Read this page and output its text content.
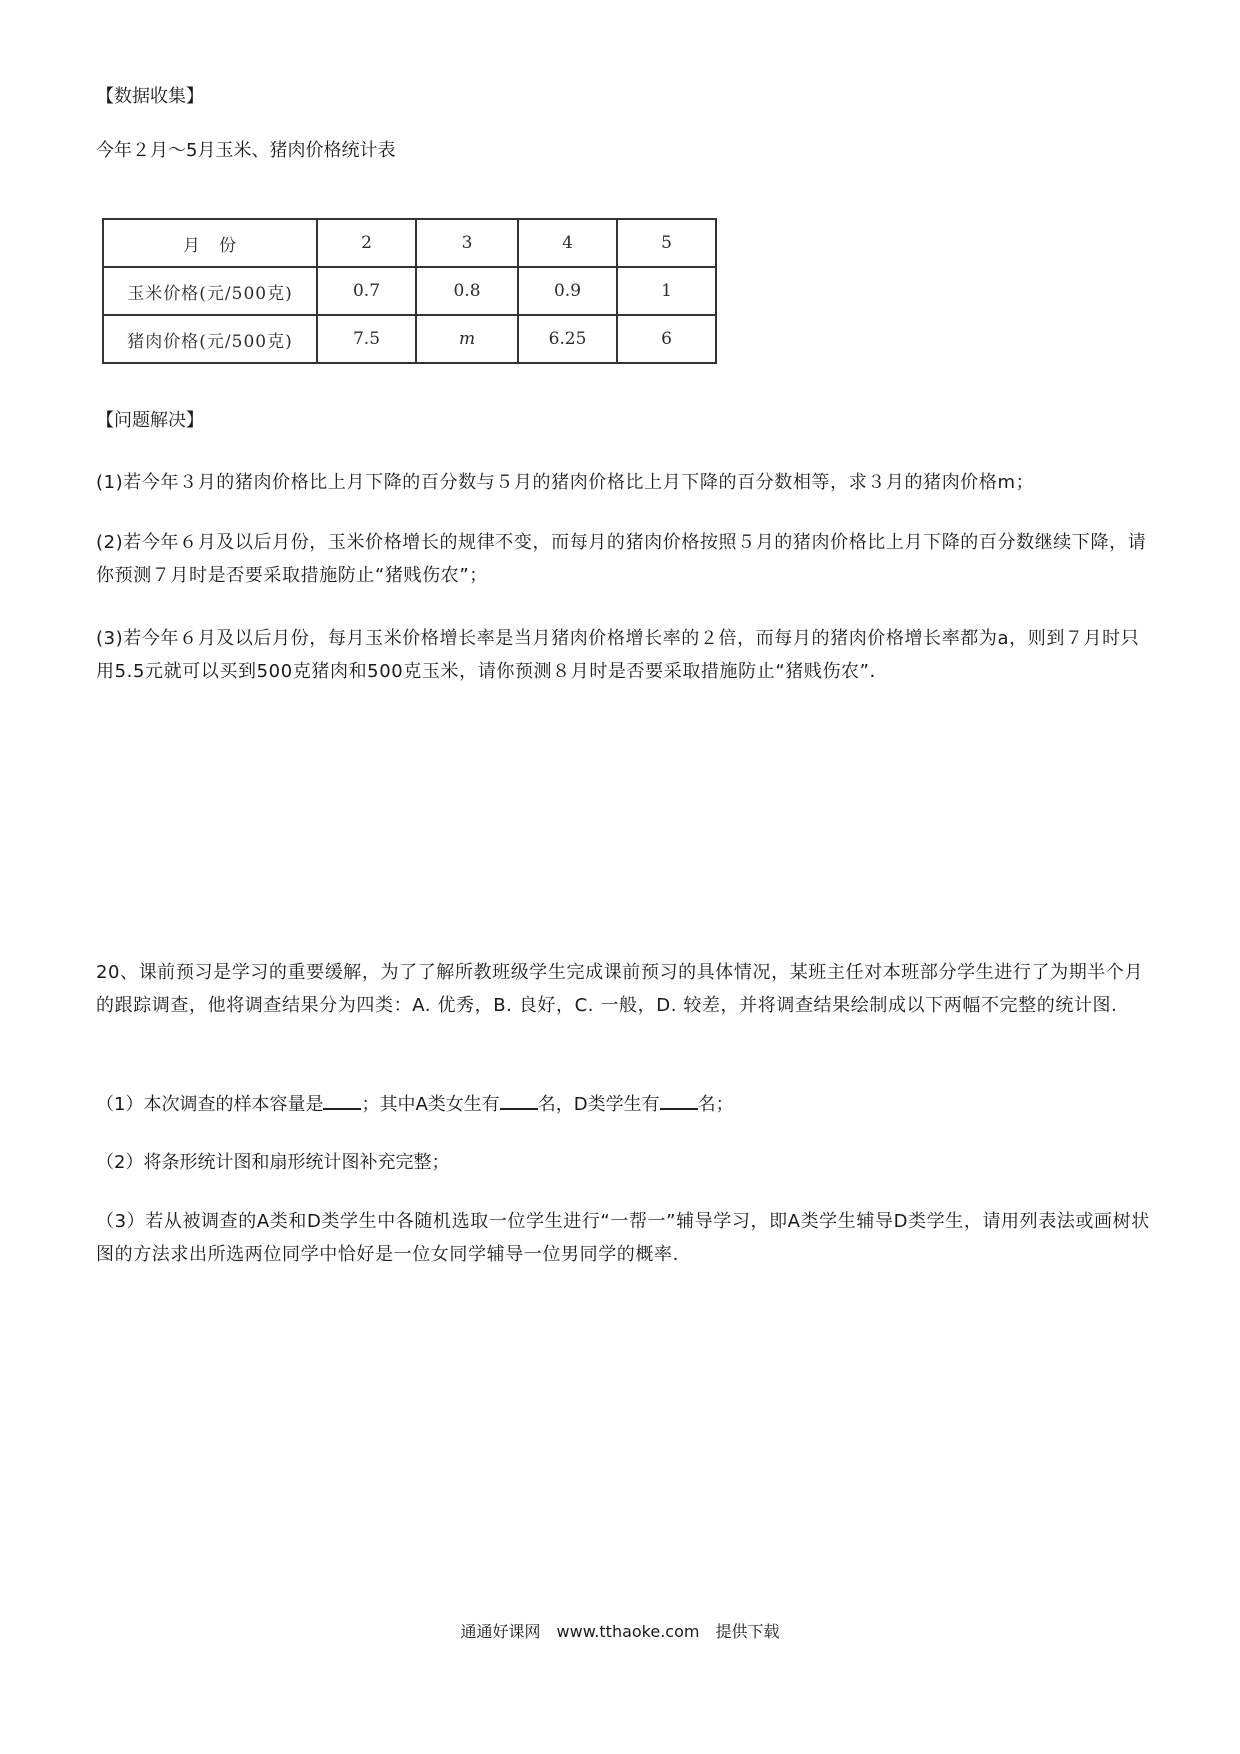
【数据收集】
今年２月～5月玉米、猪肉价格统计表
月　份	2	3	4	5
玉米价格(元/500克)	0.7	0.8	0.9	1
猪肉价格(元/500克)	7.5	m	6.25	6
【问题解决】
(1)若今年３月的猪肉价格比上月下降的百分数与５月的猪肉价格比上月下降的百分数相等，求３月的猪肉价格m；
(2)若今年６月及以后月份，玉米价格增长的规律不变，而每月的猪肉价格按照５月的猪肉价格比上月下降的百分数继续下降，请你预测７月时是否要采取措施防止“猪贱伤农”；
(3)若今年６月及以后月份，每月玉米价格增长率是当月猪肉价格增长率的２倍，而每月的猪肉价格增长率都为a，则到７月时只用5.5元就可以买到500克猪肉和500克玉米，请你预测８月时是否要采取措施防止“猪贱伤农”．
20、课前预习是学习的重要缓解，为了了解所教班级学生完成课前预习的具体情况，某班主任对本班部分学生进行了为期半个月的跟踪调查，他将调查结果分为四类：A. 优秀，B. 良好，C. 一般，D. 较差，并将调查结果绘制成以下两幅不完整的统计图.
（1）本次调查的样本容量是 ；其中A类女生有 名，D类学生有 名；
（2）将条形统计图和扇形统计图补充完整；
（3）若从被调查的A类和D类学生中各随机选取一位学生进行“一帮一”辅导学习，即A类学生辅导D类学生，请用列表法或画树状图的方法求出所选两位同学中恰好是一位女同学辅导一位男同学的概率.
通通好课网　www.tthaoke.com　提供下载
